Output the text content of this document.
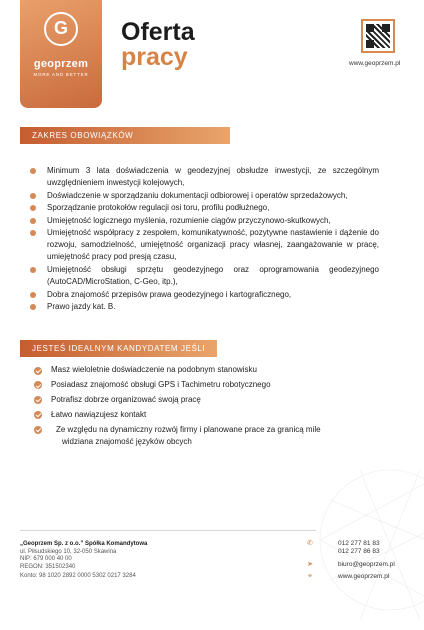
G
geoprzem
MORE AND BETTER
Oferta
pracy	www.geoprzem.pl
ZAKRES OBOWIĄZKÓW
Minimum 3 lata doświadczenia w geodezyjnej obsłudze inwestycji, ze szczególnym uwzględnieniem inwestycji kolejowych,
Doświadczenie w sporządzaniu dokumentacji odbiorowej i operatów sprzedażowych,
Sporządzanie protokołów regulacji osi toru, profilu podłużnego,
Umiejętność logicznego myślenia, rozumienie ciągów przyczynowo-skutkowych,
Umiejętność współpracy z zespołem, komunikatywność, pozytywne nastawienie i dążenie do rozwoju, samodzielność, umiejętność organizacji pracy własnej, zaangażowanie w pracę, umiejętność pracy pod presją czasu,
Umiejętność obsługi sprzętu geodezyjnego oraz oprogramowania geodezyjnego (AutoCAD/MicroStation, C-Geo, itp.),
Dobra znajomość przepisów prawa geodezyjnego i kartograficznego,
Prawo jazdy kat. B.
JESTEŚ IDEALNYM KANDYDATEM JEŚLI
Masz wieloletnie doświadczenie na podobnym stanowisku
Posiadasz znajomość obsługi GPS i Tachimetru robotycznego
Potrafisz dobrze organizować swoją pracę
Łatwo nawiązujesz kontakt
Ze względu na dynamiczny rozwój firmy i planowane prace za granicą mile
widziana znajomość języków obcych
„Geoprzem Sp. z o.o.” Spółka Komandytowa
ul. Piłsudskiego 10, 32-050 Skawina
NIP: 679 000 40 00
REGON: 351502340
Konto: 98 1020 2892 0000 5302 0217 3284
✆	012 277 81 83
012 277 86 83
➤	biuro@geoprzem.pl
⚭	www.geoprzem.pl
